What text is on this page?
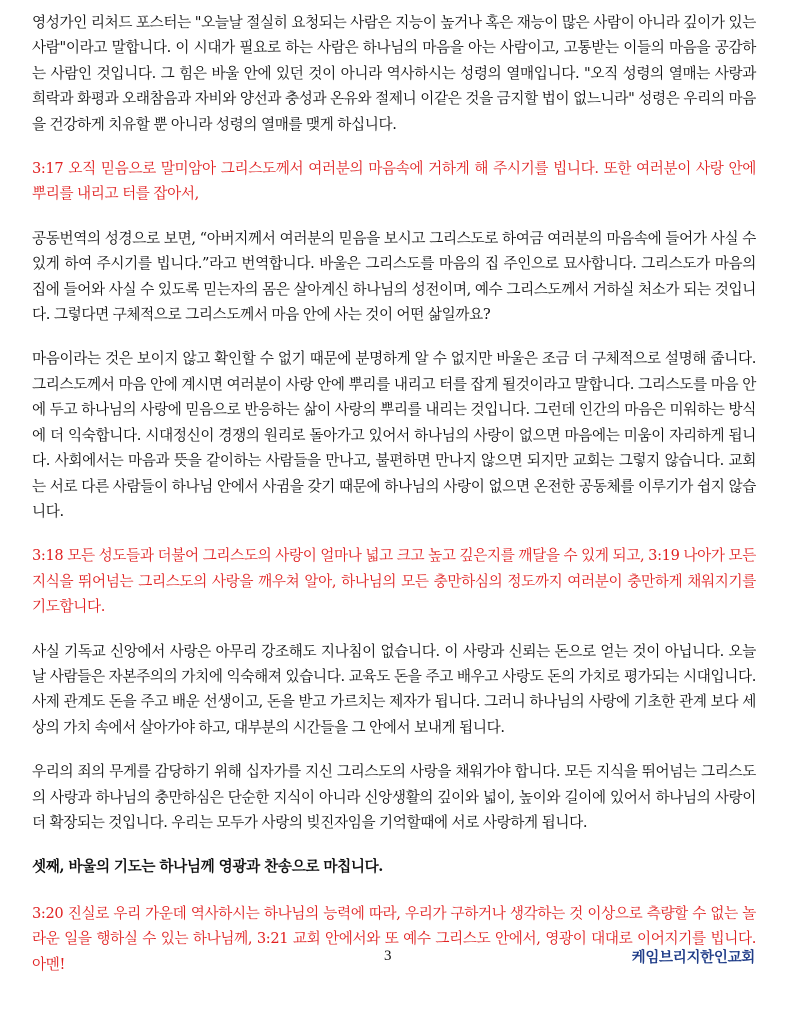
영성가인 리처드 포스터는 "오늘날 절실히 요청되는 사람은 지능이 높거나 혹은 재능이 많은 사람이 아니라 깊이가 있는 사람"이라고 말합니다. 이 시대가 필요로 하는 사람은 하나님의 마음을 아는 사람이고, 고통받는 이들의 마음을 공감하는 사람인 것입니다. 그 힘은 바울 안에 있던 것이 아니라 역사하시는 성령의 열매입니다. "오직 성령의 열매는 사랑과 희락과 화평과 오래참음과 자비와 양선과 충성과 온유와 절제니 이같은 것을 금지할 법이 없느니라" 성령은 우리의 마음을 건강하게 치유할 뿐 아니라 성령의 열매를 맺게 하십니다.

3:17 오직 믿음으로 말미암아 그리스도께서 여러분의 마음속에 거하게 해 주시기를 빕니다. 또한 여러분이 사랑 안에 뿌리를 내리고 터를 잡아서,

공동번역의 성경으로 보면, “아버지께서 여러분의 믿음을 보시고 그리스도로 하여금 여러분의 마음속에 들어가 사실 수 있게 하여 주시기를 빕니다.”라고 번역합니다. 바울은 그리스도를 마음의 집 주인으로 묘사합니다. 그리스도가 마음의 집에 들어와 사실 수 있도록 믿는자의 몸은 살아계신 하나님의 성전이며, 예수 그리스도께서 거하실 처소가 되는 것입니다. 그렇다면 구체적으로 그리스도께서 마음 안에 사는 것이 어떤 삶일까요?

마음이라는 것은 보이지 않고 확인할 수 없기 때문에 분명하게 알 수 없지만 바울은 조금 더 구체적으로 설명해 줍니다. 그리스도께서 마음 안에 계시면 여러분이 사랑 안에 뿌리를 내리고 터를 잡게 될것이라고 말합니다. 그리스도를 마음 안에 두고 하나님의 사랑에 믿음으로 반응하는 삶이 사랑의 뿌리를 내리는 것입니다. 그런데 인간의 마음은 미워하는 방식에 더 익숙합니다. 시대정신이 경쟁의 원리로 돌아가고 있어서 하나님의 사랑이 없으면 마음에는 미움이 자리하게 됩니다. 사회에서는 마음과 뜻을 같이하는 사람들을 만나고, 불편하면 만나지 않으면 되지만 교회는 그렇지 않습니다. 교회는 서로 다른 사람들이 하나님 안에서 사귐을 갖기 때문에 하나님의 사랑이 없으면 온전한 공동체를 이루기가 쉽지 않습니다.

3:18 모든 성도들과 더불어 그리스도의 사랑이 얼마나 넓고 크고 높고 깊은지를 깨달을 수 있게 되고, 3:19 나아가 모든 지식을 뛰어넘는 그리스도의 사랑을 깨우쳐 알아, 하나님의 모든 충만하심의 정도까지 여러분이 충만하게 채워지기를 기도합니다.

사실 기독교 신앙에서 사랑은 아무리 강조해도 지나침이 없습니다. 이 사랑과 신뢰는 돈으로 얻는 것이 아닙니다. 오늘날 사람들은 자본주의의 가치에 익숙해져 있습니다. 교육도 돈을 주고 배우고 사랑도 돈의 가치로 평가되는 시대입니다. 사제 관계도 돈을 주고 배운 선생이고, 돈을 받고 가르치는 제자가 됩니다. 그러니 하나님의 사랑에 기초한 관계 보다 세상의 가치 속에서 살아가야 하고, 대부분의 시간들을 그 안에서 보내게 됩니다.

우리의 죄의 무게를 감당하기 위해 십자가를 지신 그리스도의 사랑을 채워가야 합니다. 모든 지식을 뛰어넘는 그리스도의 사랑과 하나님의 충만하심은 단순한 지식이 아니라 신앙생활의 깊이와 넓이, 높이와 길이에 있어서 하나님의 사랑이 더 확장되는 것입니다. 우리는 모두가 사랑의 빚진자임을 기억할때에 서로 사랑하게 됩니다.

셋째, 바울의 기도는 하나님께 영광과 찬송으로 마칩니다.

3:20 진실로 우리 가운데 역사하시는 하나님의 능력에 따라, 우리가 구하거나 생각하는 것 이상으로 측량할 수 없는 놀라운 일을 행하실 수 있는 하나님께, 3:21 교회 안에서와 또 예수 그리스도 안에서, 영광이 대대로 이어지기를 빕니다. 아멘!	3	케임브리지한인교회
